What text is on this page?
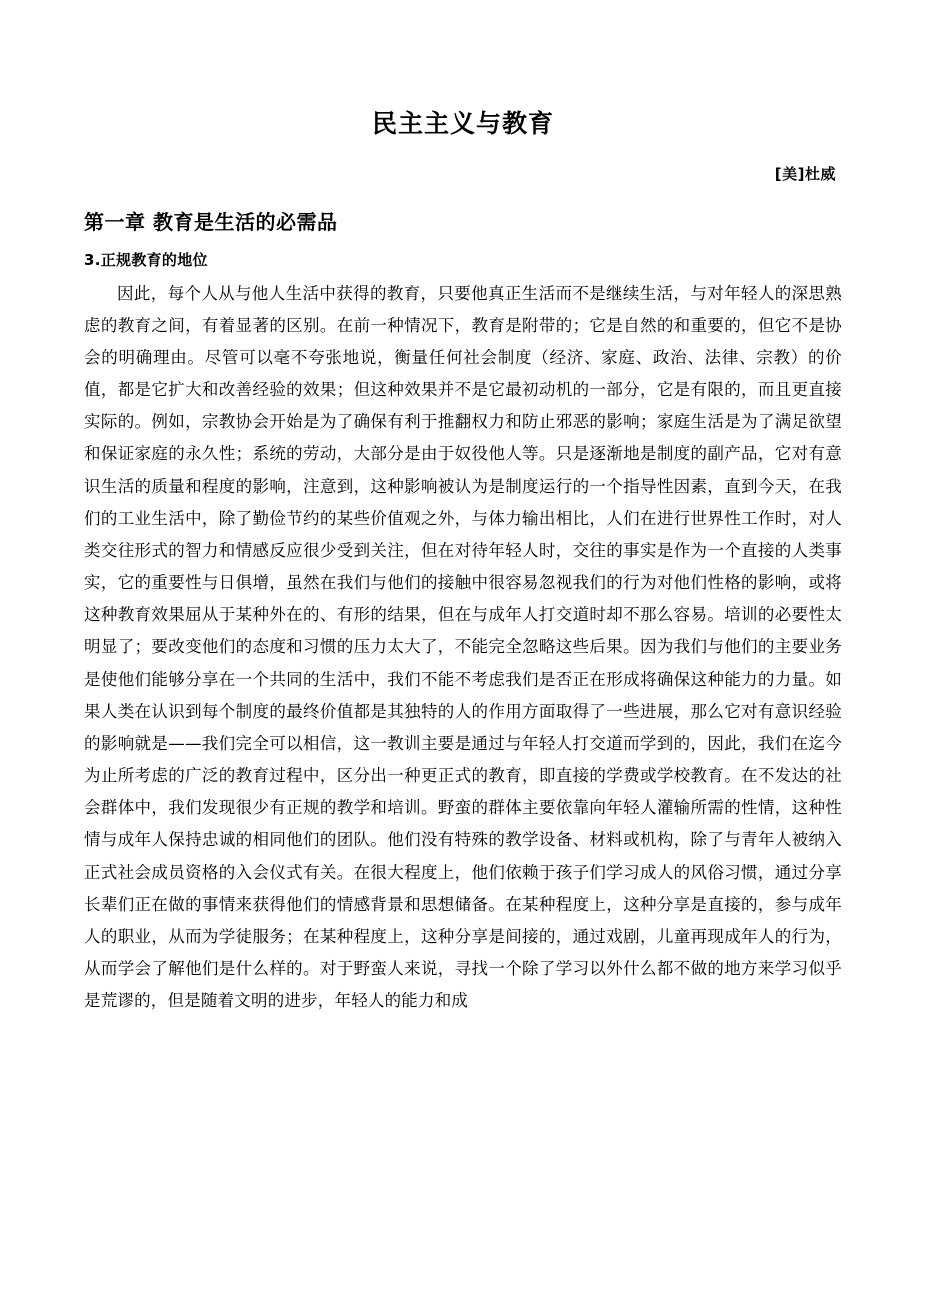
民主主义与教育
[美]杜威
第一章 教育是生活的必需品
3.正规教育的地位

因此，每个人从与他人生活中获得的教育，只要他真正生活而不是继续生活，与对年轻人的深思熟虑的教育之间，有着显著的区别。在前一种情况下，教育是附带的；它是自然的和重要的，但它不是协会的明确理由。尽管可以毫不夸张地说，衡量任何社会制度（经济、家庭、政治、法律、宗教）的价值，都是它扩大和改善经验的效果；但这种效果并不是它最初动机的一部分，它是有限的，而且更直接实际的。例如，宗教协会开始是为了确保有利于推翻权力和防止邪恶的影响；家庭生活是为了满足欲望和保证家庭的永久性；系统的劳动，大部分是由于奴役他人等。只是逐渐地是制度的副产品，它对有意识生活的质量和程度的影响，注意到，这种影响被认为是制度运行的一个指导性因素，直到今天，在我们的工业生活中，除了勤俭节约的某些价值观之外，与体力输出相比，人们在进行世界性工作时，对人类交往形式的智力和情感反应很少受到关注，但在对待年轻人时，交往的事实是作为一个直接的人类事实，它的重要性与日俱增，虽然在我们与他们的接触中很容易忽视我们的行为对他们性格的影响，或将这种教育效果屈从于某种外在的、有形的结果，但在与成年人打交道时却不那么容易。培训的必要性太明显了；要改变他们的态度和习惯的压力太大了，不能完全忽略这些后果。因为我们与他们的主要业务是使他们能够分享在一个共同的生活中，我们不能不考虑我们是否正在形成将确保这种能力的力量。如果人类在认识到每个制度的最终价值都是其独特的人的作用方面取得了一些进展，那么它对有意识经验的影响就是——我们完全可以相信，这一教训主要是通过与年轻人打交道而学到的，因此，我们在迄今为止所考虑的广泛的教育过程中，区分出一种更正式的教育，即直接的学费或学校教育。在不发达的社会群体中，我们发现很少有正规的教学和培训。野蛮的群体主要依靠向年轻人灌输所需的性情，这种性情与成年人保持忠诚的相同他们的团队。他们没有特殊的教学设备、材料或机构，除了与青年人被纳入正式社会成员资格的入会仪式有关。在很大程度上，他们依赖于孩子们学习成人的风俗习惯，通过分享长辈们正在做的事情来获得他们的情感背景和思想储备。在某种程度上，这种分享是直接的，参与成年人的职业，从而为学徒服务；在某种程度上，这种分享是间接的，通过戏剧，儿童再现成年人的行为，从而学会了解他们是什么样的。对于野蛮人来说，寻找一个除了学习以外什么都不做的地方来学习似乎是荒谬的，但是随着文明的进步，年轻人的能力和成
